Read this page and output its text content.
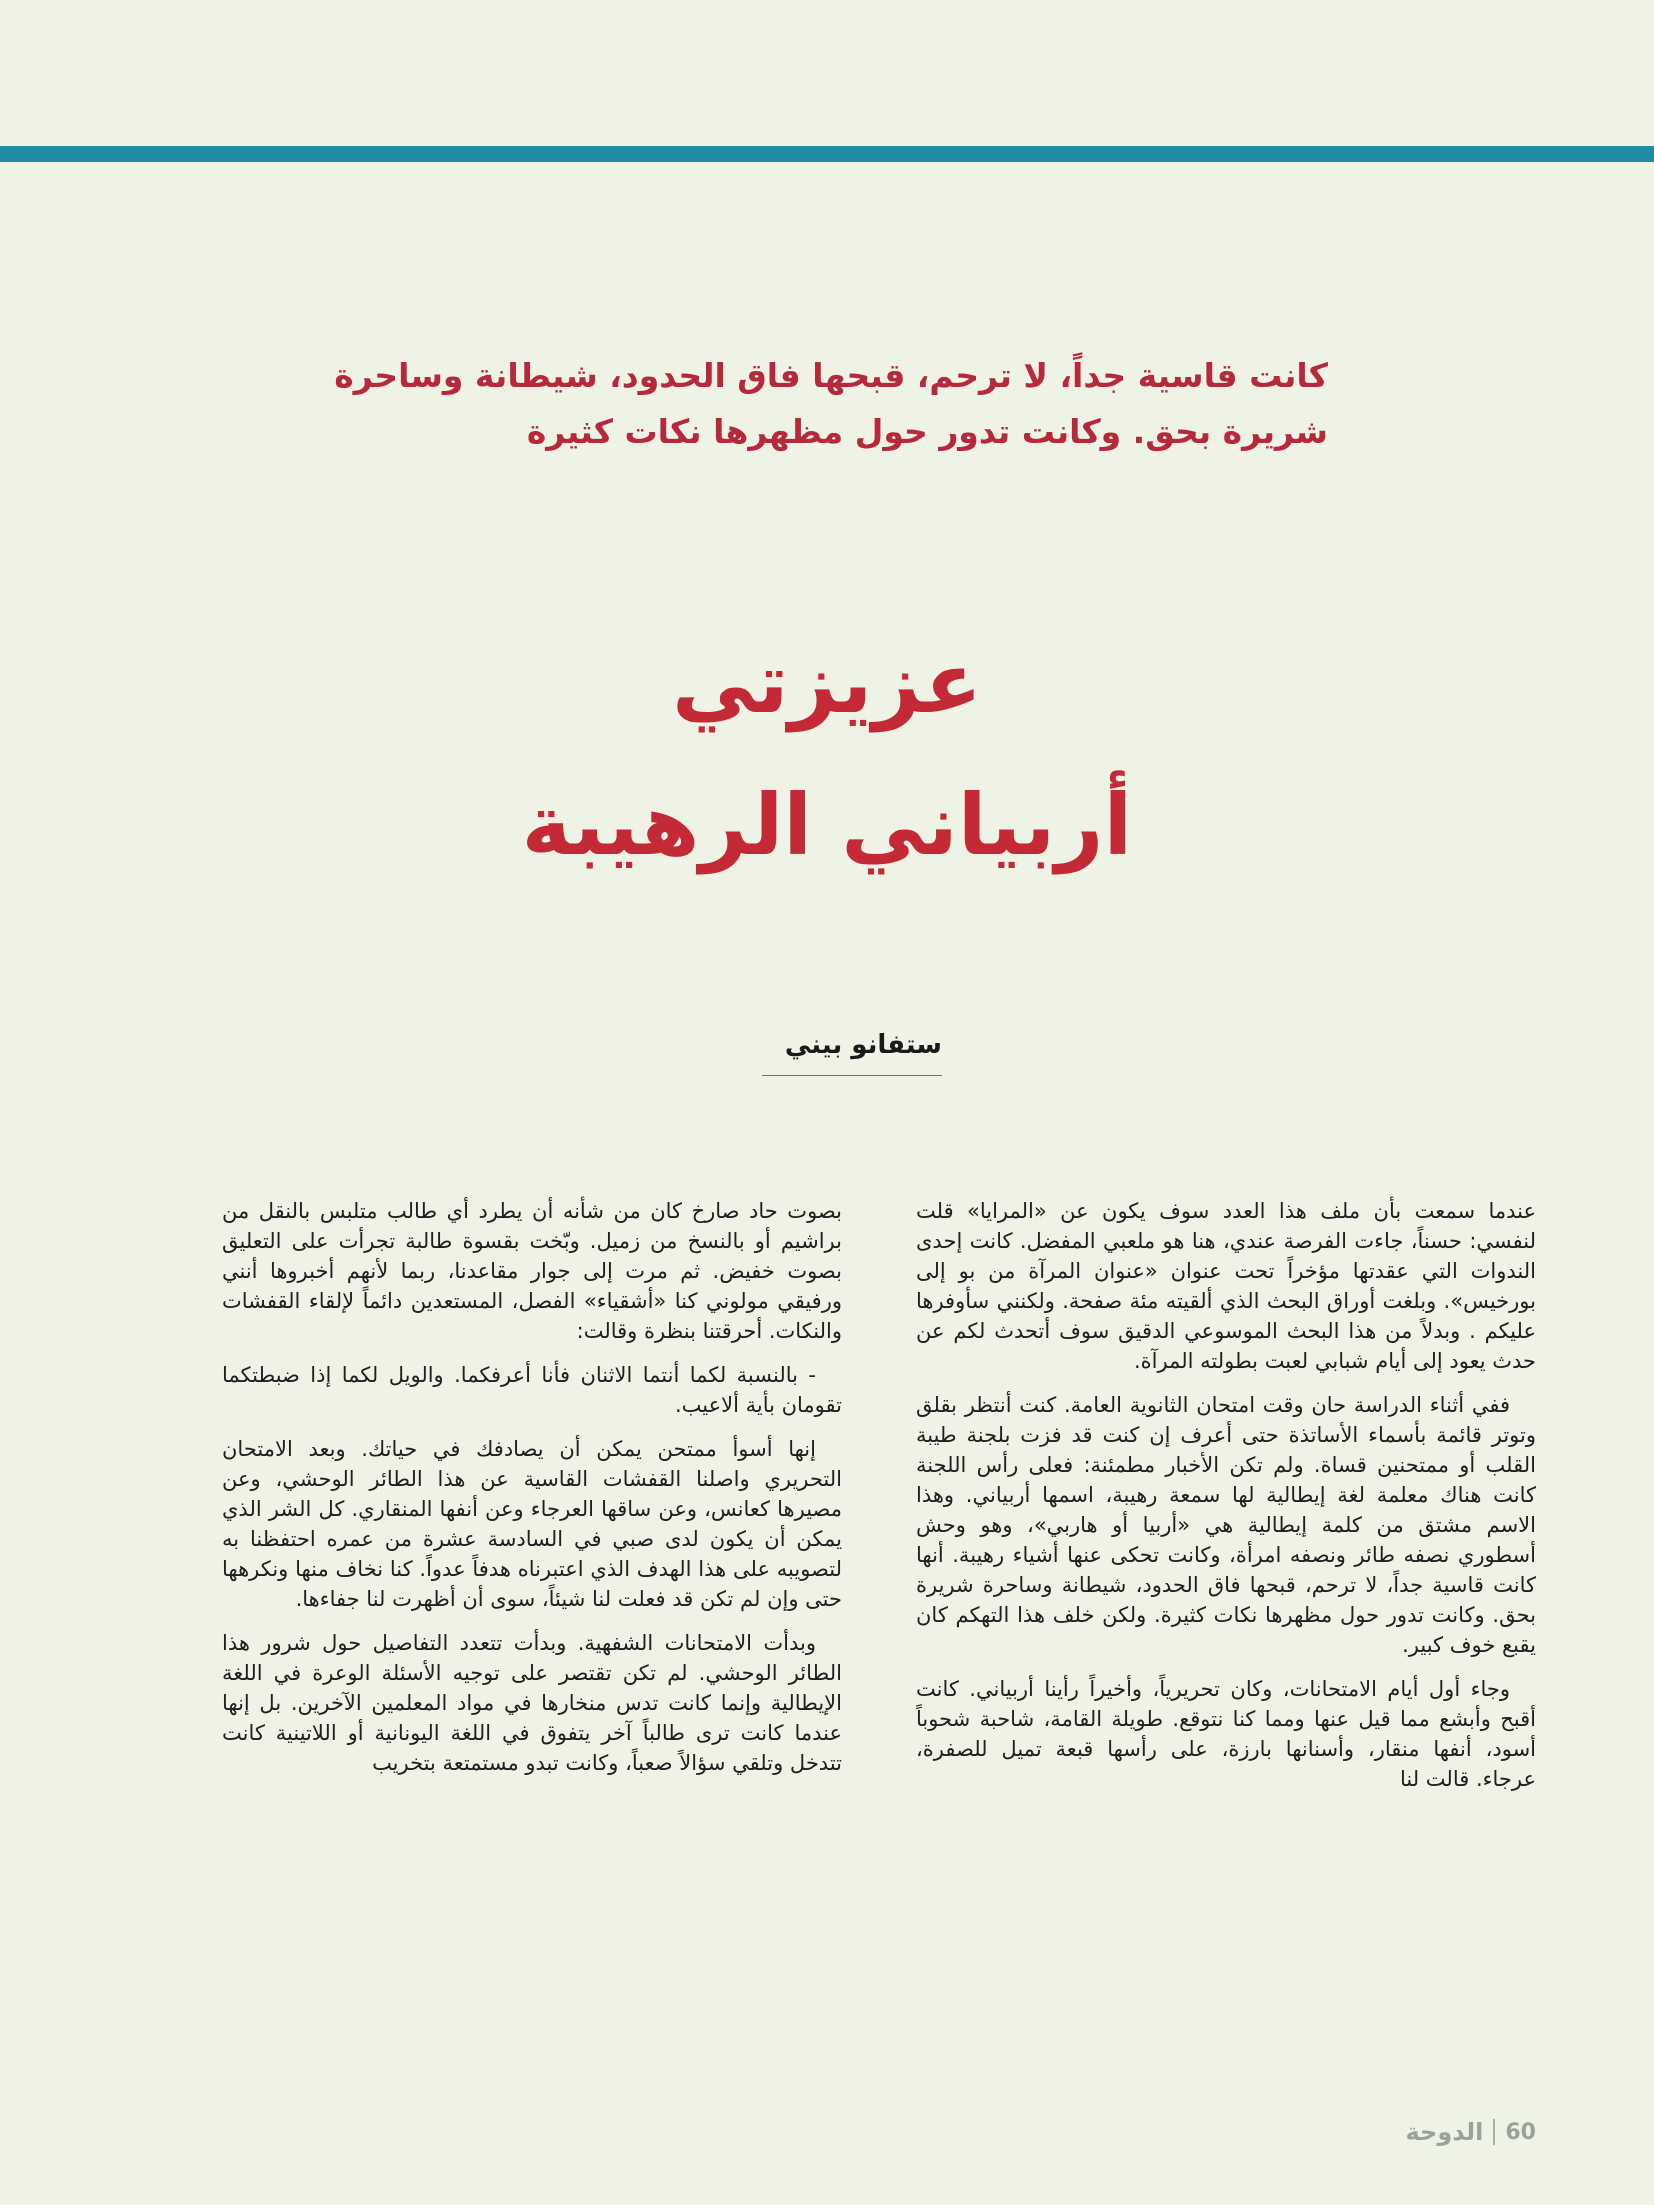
كانت قاسية جداً، لا ترحم، قبحها فاق الحدود، شيطانة وساحرة

شريرة بحق. وكانت تدور حول مظهرها نكات كثيرة

عزيزتي

أربياني الرهيبة

ستفانو بيني

عندما سمعت بأن ملف هذا العدد سوف يكون عن «المرايا» قلت لنفسي: حسناً، جاءت الفرصة عندي، هنا هو ملعبي المفضل. كانت إحدى الندوات التي عقدتها مؤخراً تحت عنوان «عنوان المرآة من بو إلى بورخيس». وبلغت أوراق البحث الذي ألقيته مئة صفحة. ولكنني سأوفرها عليكم . وبدلاً من هذا البحث الموسوعي الدقيق سوف أتحدث لكم عن حدث يعود إلى أيام شبابي لعبت بطولته المرآة.

ففي أثناء الدراسة حان وقت امتحان الثانوية العامة. كنت أنتظر بقلق وتوتر قائمة بأسماء الأساتذة حتى أعرف إن كنت قد فزت بلجنة طيبة القلب أو ممتحنين قساة. ولم تكن الأخبار مطمئنة: فعلى رأس اللجنة كانت هناك معلمة لغة إيطالية لها سمعة رهيبة، اسمها أربياني. وهذا الاسم مشتق من كلمة إيطالية هي «أربيا أو هاربي»، وهو وحش أسطوري نصفه طائر ونصفه امرأة، وكانت تحكى عنها أشياء رهيبة. أنها كانت قاسية جداً، لا ترحم، قبحها فاق الحدود، شيطانة وساحرة شريرة بحق. وكانت تدور حول مظهرها نكات كثيرة. ولكن خلف هذا التهكم كان يقبع خوف كبير.

وجاء أول أيام الامتحانات، وكان تحريرياً، وأخيراً رأينا أربياني. كانت أقبح وأبشع مما قيل عنها ومما كنا نتوقع. طويلة القامة، شاحبة شحوباً أسود، أنفها منقار، وأسنانها بارزة، على رأسها قبعة تميل للصفرة، عرجاء. قالت لنا

بصوت حاد صارخ كان من شأنه أن يطرد أي طالب متلبس بالنقل من براشيم أو بالنسخ من زميل. وبّخت بقسوة طالبة تجرأت على التعليق بصوت خفيض. ثم مرت إلى جوار مقاعدنا، ربما لأنهم أخبروها أنني ورفيقي مولوني كنا «أشقياء» الفصل، المستعدين دائماً لإلقاء القفشات والنكات. أحرقتنا بنظرة وقالت:

- بالنسبة لكما أنتما الاثنان فأنا أعرفكما. والويل لكما إذا ضبطتكما تقومان بأية ألاعيب.

إنها أسوأ ممتحن يمكن أن يصادفك في حياتك. وبعد الامتحان التحريري واصلنا القفشات القاسية عن هذا الطائر الوحشي، وعن مصيرها كعانس، وعن ساقها العرجاء وعن أنفها المنقاري. كل الشر الذي يمكن أن يكون لدى صبي في السادسة عشرة من عمره احتفظنا به لتصويبه على هذا الهدف الذي اعتبرناه هدفاً عدواً. كنا نخاف منها ونكرهها حتى وإن لم تكن قد فعلت لنا شيئاً، سوى أن أظهرت لنا جفاءها.

وبدأت الامتحانات الشفهية. وبدأت تتعدد التفاصيل حول شرور هذا الطائر الوحشي. لم تكن تقتصر على توجيه الأسئلة الوعرة في اللغة الإيطالية وإنما كانت تدس منخارها في مواد المعلمين الآخرين. بل إنها عندما كانت ترى طالباً آخر يتفوق في اللغة اليونانية أو اللاتينية كانت تتدخل وتلقي سؤالاً صعباً، وكانت تبدو مستمتعة بتخريب

الدوحة 60
